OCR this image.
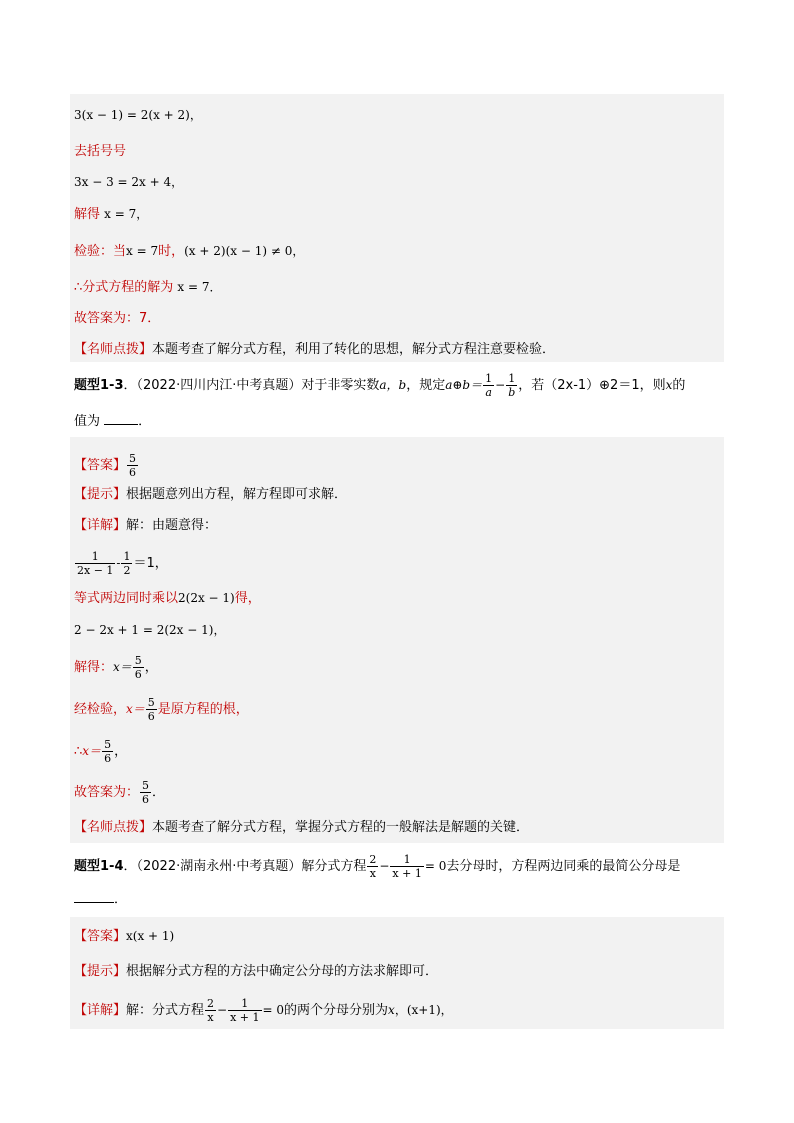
3(x − 1) = 2(x + 2)，
去括号号
3x − 3 = 2x + 4，
解得 x = 7，
检验：当x = 7时，(x + 2)(x − 1) ≠ 0，
∴分式方程的解为 x = 7．
故答案为：7．
【名师点拨】本题考查了解分式方程，利用了转化的思想，解分式方程注意要检验．
题型1-3．（2022·四川内江·中考真题）对于非零实数a，b，规定a⊕b＝ $\frac{1}{a} - \frac{1}{b}$ ，若（2x-1）⊕2＝1，则x的
值为	．
【答案】 $\frac{5}{6}$
【提示】根据题意列出方程，解方程即可求解．
【详解】解：由题意得：
$\frac{1}{2x - 1} - \frac{1}{2} =1$，
等式两边同时乘以2(2x − 1)得，
2 − 2x + 1 = 2(2x − 1)，
解得：$x= \frac{5}{6}$ ，
经检验，$x= \frac{5}{6}$ 是原方程的根，
∴x＝ $\frac{5}{6}$ ，
故答案为： $\frac{5}{6}$ ．
【名师点拨】本题考查了解分式方程，掌握分式方程的一般解法是解题的关键．
题型1-4．（2022·湖南永州·中考真题）解分式方程 $\frac{2}{x} - \frac{1}{x + 1} = 0$去分母时，方程两边同乘的最简公分母是
．
【答案】x(x + 1)
【提示】根据解分式方程的方法中确定公分母的方法求解即可．
【详解】解：分式方程 $\frac{2}{x} - \frac{1}{x + 1} = 0$的两个分母分别为x，(x+1)，
